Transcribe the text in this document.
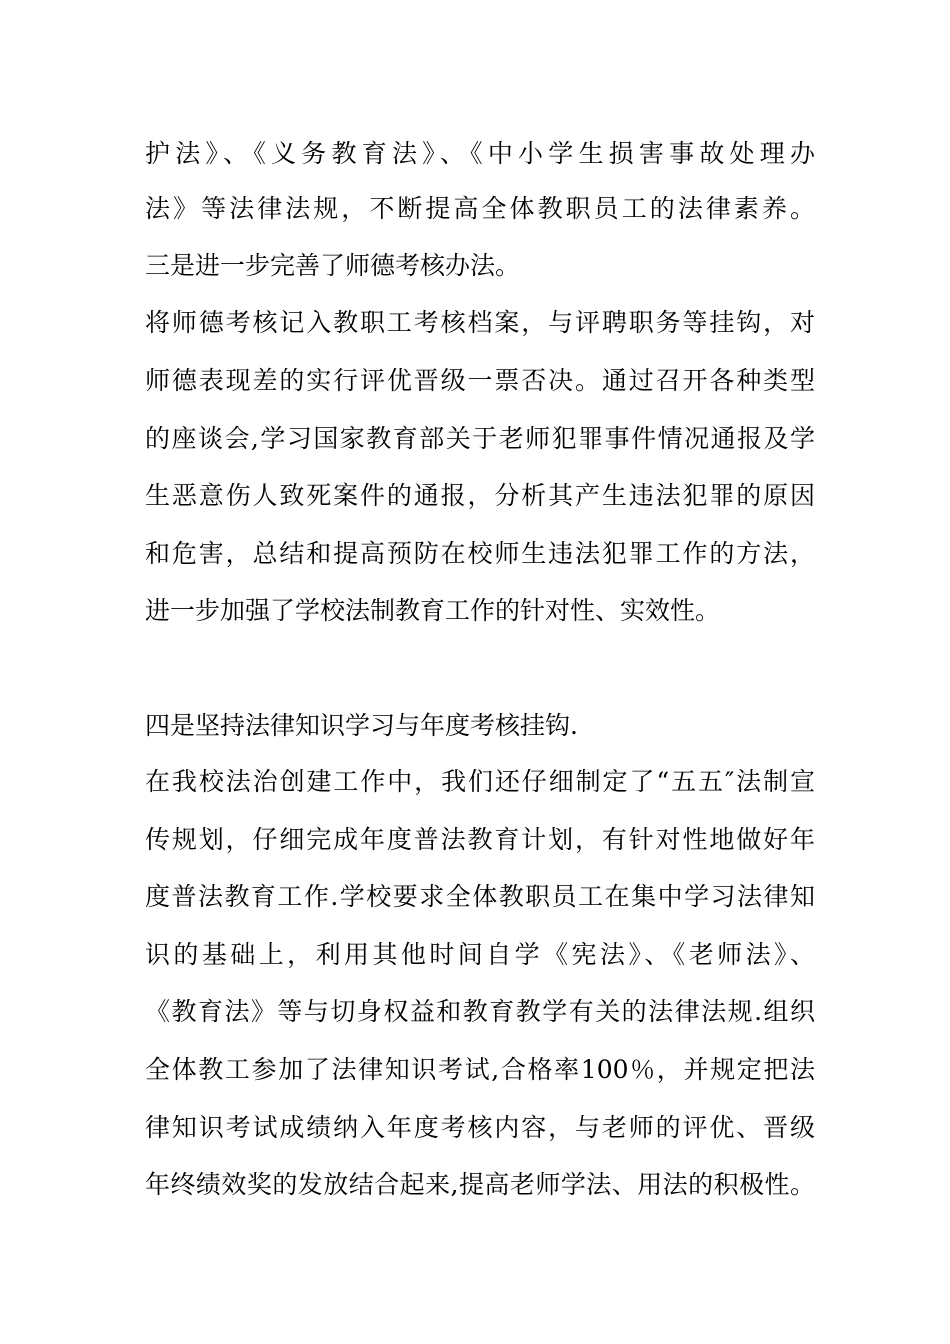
护法》、《义务教育法》、《中小学生损害事故处理办
法》等法律法规，不断提高全体教职员工的法律素养。
三是进一步完善了师德考核办法。
将师德考核记入教职工考核档案，与评聘职务等挂钩，对
师德表现差的实行评优晋级一票否决。通过召开各种类型
的座谈会,学习国家教育部关于老师犯罪事件情况通报及学
生恶意伤人致死案件的通报，分析其产生违法犯罪的原因
和危害，总结和提高预防在校师生违法犯罪工作的方法，
进一步加强了学校法制教育工作的针对性、实效性。
四是坚持法律知识学习与年度考核挂钩.
在我校法治创建工作中，我们还仔细制定了“五五″法制宣
传规划，仔细完成年度普法教育计划，有针对性地做好年
度普法教育工作.学校要求全体教职员工在集中学习法律知
识的基础上，利用其他时间自学《宪法》、《老师法》、
《教育法》等与切身权益和教育教学有关的法律法规.组织
全体教工参加了法律知识考试,合格率100％，并规定把法
律知识考试成绩纳入年度考核内容，与老师的评优、晋级
年终绩效奖的发放结合起来,提高老师学法、用法的积极性。
